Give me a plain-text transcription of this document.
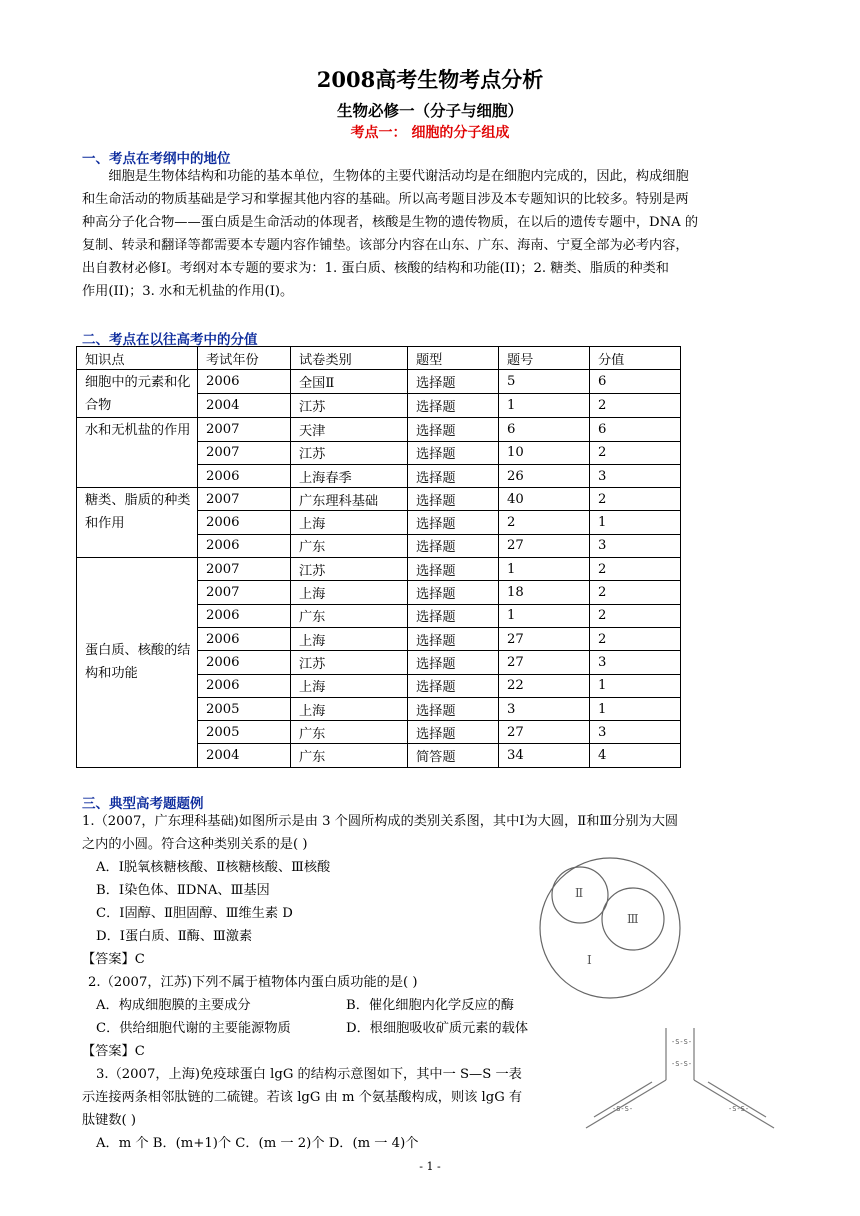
2008高考生物考点分析
生物必修一（分子与细胞）
考点一： 细胞的分子组成
一、考点在考纲中的地位
细胞是生物体结构和功能的基本单位，生物体的主要代谢活动均是在细胞内完成的，因此，构成细胞
和生命活动的物质基础是学习和掌握其他内容的基础。所以高考题目涉及本专题知识的比较多。特别是两
种高分子化合物——蛋白质是生命活动的体现者，核酸是生物的遗传物质，在以后的遗传专题中，DNA 的
复制、转录和翻译等都需要本专题内容作铺垫。该部分内容在山东、广东、海南、宁夏全部为必考内容，
出自教材必修Ⅰ。考纲对本专题的要求为：1. 蛋白质、核酸的结构和功能(II)；2. 糖类、脂质的种类和
作用(II)；3. 水和无机盐的作用(I)。
二、考点在以往高考中的分值
知识点	考试年份	试卷类别	题型	题号	分值
细胞中的元素和化合物	2006	全国Ⅱ	选择题	5	6
	2004	江苏	选择题	1	2
水和无机盐的作用	2007	天津	选择题	6	6
	2007	江苏	选择题	10	2
	2006	上海春季	选择题	26	3
糖类、脂质的种类和作用	2007	广东理科基础	选择题	40	2
	2006	上海	选择题	2	1
	2006	广东	选择题	27	3
蛋白质、核酸的结构和功能	2007	江苏	选择题	1	2
	2007	上海	选择题	18	2
	2006	广东	选择题	1	2
	2006	上海	选择题	27	2
	2006	江苏	选择题	27	3
	2006	上海	选择题	22	1
	2005	上海	选择题	3	1
	2005	广东	选择题	27	3
	2004	广东	简答题	34	4
三、典型高考题题例
1.（2007，广东理科基础)如图所示是由 3 个圆所构成的类别关系图，其中Ⅰ为大圆，Ⅱ和Ⅲ分别为大圆
之内的小圆。符合这种类别关系的是( )
A．Ⅰ脱氧核糖核酸、Ⅱ核糖核酸、Ⅲ核酸
B．Ⅰ染色体、ⅡDNA、Ⅲ基因
C．Ⅰ固醇、Ⅱ胆固醇、Ⅲ维生素 D
D．Ⅰ蛋白质、Ⅱ酶、Ⅲ激素
【答案】C
Ⅱ
Ⅲ
Ⅰ
2.（2007，江苏)下列不属于植物体内蛋白质功能的是( )
A．构成细胞膜的主要成分	B．催化细胞内化学反应的酶
C．供给细胞代谢的主要能源物质	D．根细胞吸收矿质元素的载体
【答案】C
3.（2007，上海)免疫球蛋白 lgG 的结构示意图如下，其中一 S—S 一表
示连接两条相邻肽链的二硫键。若该 lgG 由 m 个氨基酸构成，则该 lgG 有
肽键数( )
A．m 个 B．(m+1)个 C．(m 一 2)个 D．(m 一 4)个
-S-S-
-S-S-
-S-S-	-S-S-
- 1 -
